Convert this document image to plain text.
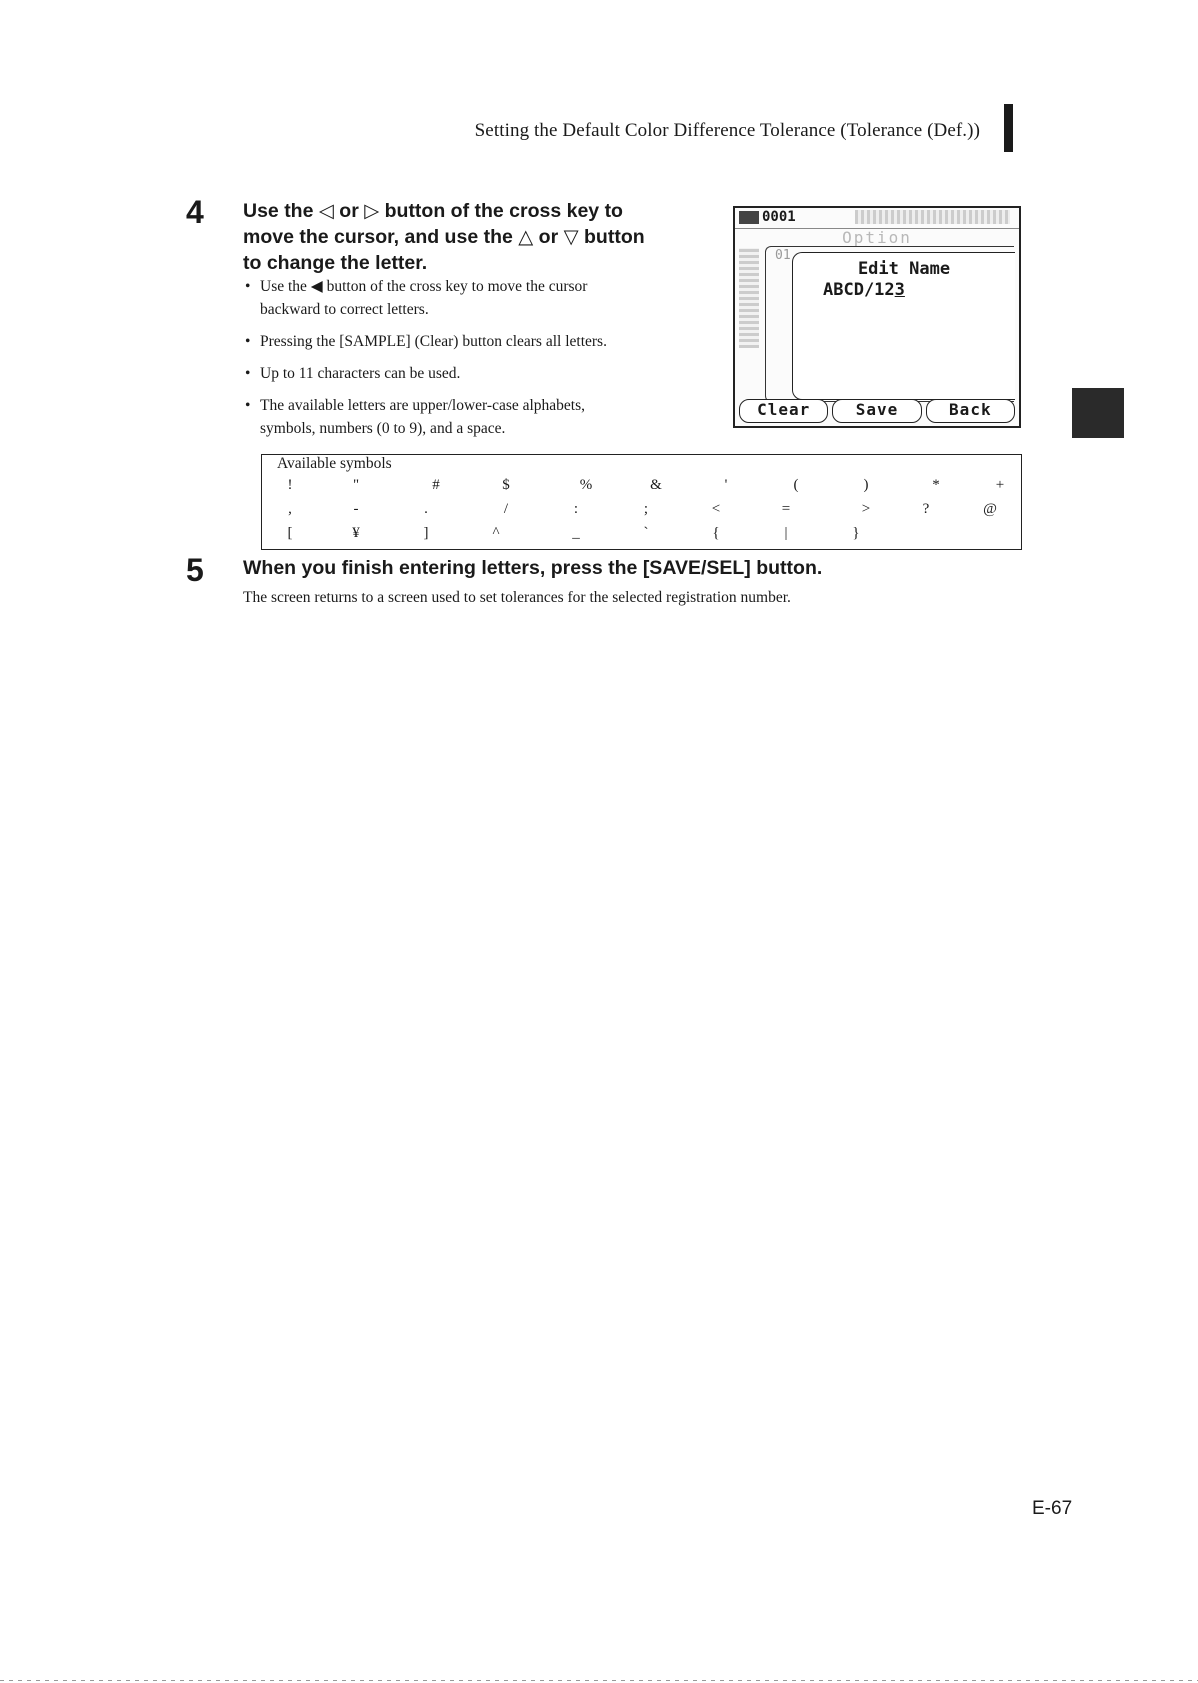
Setting the Default Color Difference Tolerance (Tolerance (Def.))
4 Use the ◁ or ▷ button of the cross key to
move the cursor, and use the △ or ▽ button
to change the letter.
• Use the ◀ button of the cross key to move the cursor
backward to correct letters.
• Pressing the [SAMPLE] (Clear) button clears all letters.
• Up to 11 characters can be used.
• The available letters are upper/lower-case alphabets,
symbols, numbers (0 to 9), and a space.
0001
Option
01
Edit Name
ABCD/123
Clear	Save	Back
Available symbols
!	"	#	$	%	&	'	(	)	*	+
,	-	.	/	:	;	<	=	>	?	@
[	¥	]	^	_	`	{	|	}
5 When you finish entering letters, press the [SAVE/SEL] button.
The screen returns to a screen used to set tolerances for the selected registration number.
E-67
